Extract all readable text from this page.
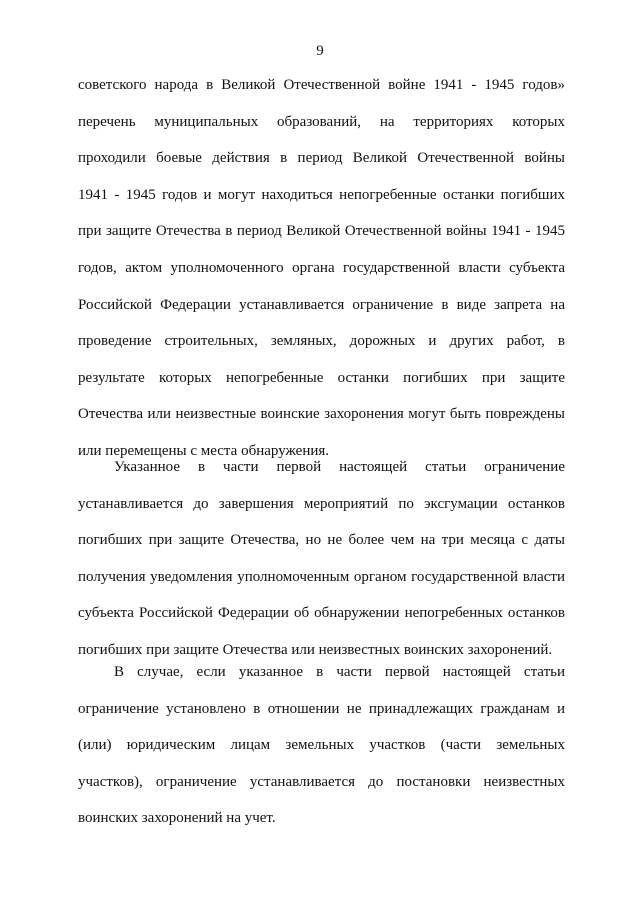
9
советского народа в Великой Отечественной войне 1941 - 1945 годов»
перечень муниципальных образований, на территориях которых
проходили боевые действия в период Великой Отечественной войны
1941 - 1945 годов и могут находиться непогребенные останки погибших
при защите Отечества в период Великой Отечественной войны 1941 - 1945
годов, актом уполномоченного органа государственной власти субъекта
Российской Федерации устанавливается ограничение в виде запрета на
проведение строительных, земляных, дорожных и других работ, в
результате которых непогребенные останки погибших при защите
Отечества или неизвестные воинские захоронения могут быть повреждены
или перемещены с места обнаружения.
Указанное в части первой настоящей статьи ограничение
устанавливается до завершения мероприятий по эксгумации останков
погибших при защите Отечества, но не более чем на три месяца с даты
получения уведомления уполномоченным органом государственной власти
субъекта Российской Федерации об обнаружении непогребенных останков
погибших при защите Отечества или неизвестных воинских захоронений.
В случае, если указанное в части первой настоящей статьи
ограничение установлено в отношении не принадлежащих гражданам и
(или) юридическим лицам земельных участков (части земельных
участков), ограничение устанавливается до постановки неизвестных
воинских захоронений на учет.
